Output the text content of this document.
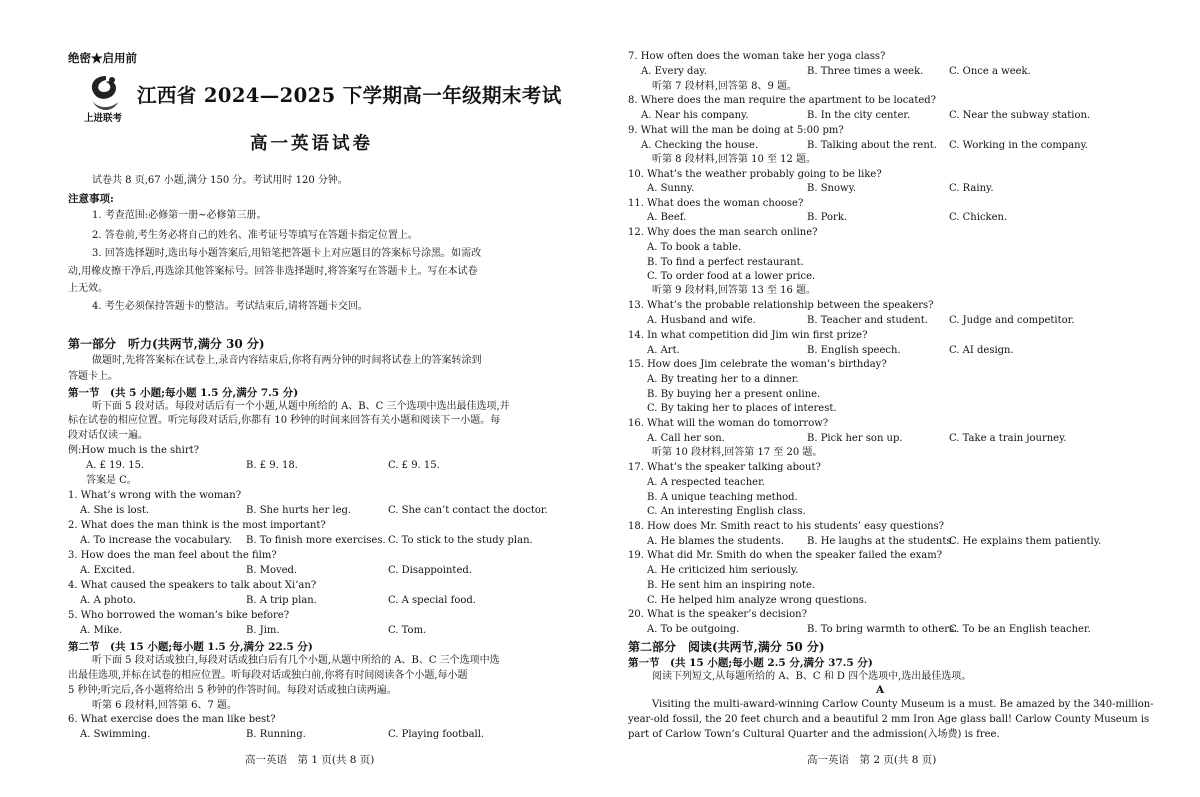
绝密★启用前
上进联考
江西省 2024—2025 下学期高一年级期末考试
高一英语试卷
试卷共 8 页,67 小题,满分 150 分。考试用时 120 分钟。
注意事项:
1. 考查范围:必修第一册~必修第三册。
2. 答卷前,考生务必将自己的姓名、准考证号等填写在答题卡指定位置上。
3. 回答选择题时,选出每小题答案后,用铅笔把答题卡上对应题目的答案标号涂黑。如需改
动,用橡皮擦干净后,再选涂其他答案标号。回答非选择题时,将答案写在答题卡上。写在本试卷
上无效。
4. 考生必须保持答题卡的整洁。考试结束后,请将答题卡交回。
第一部分　听力(共两节,满分 30 分)
做题时,先将答案标在试卷上,录音内容结束后,你将有两分钟的时间将试卷上的答案转涂到
答题卡上。
第一节　(共 5 小题;每小题 1.5 分,满分 7.5 分)
听下面 5 段对话。每段对话后有一个小题,从题中所给的 A、B、C 三个选项中选出最佳选项,并
标在试卷的相应位置。听完每段对话后,你都有 10 秒钟的时间来回答有关小题和阅读下一小题。每
段对话仅读一遍。
例:How much is the shirt?
A. £ 19. 15.	B. £ 9. 18.	C. £ 9. 15.
答案是 C。
1. What’s wrong with the woman?
A. She is lost.	B. She hurts her leg.	C. She can’t contact the doctor.
2. What does the man think is the most important?
A. To increase the vocabulary. B. To finish more exercises. C. To stick to the study plan.
3. How does the man feel about the film?
A. Excited.	B. Moved.	C. Disappointed.
4. What caused the speakers to talk about Xi’an?
A. A photo.	B. A trip plan.	C. A special food.
5. Who borrowed the woman’s bike before?
A. Mike.	B. Jim.	C. Tom.
第二节　(共 15 小题;每小题 1.5 分,满分 22.5 分)
听下面 5 段对话或独白,每段对话或独白后有几个小题,从题中所给的 A、B、C 三个选项中选
出最佳选项,并标在试卷的相应位置。听每段对话或独白前,你将有时间阅读各个小题,每小题
5 秒钟;听完后,各小题将给出 5 秒钟的作答时间。每段对话或独白读两遍。
听第 6 段材料,回答第 6、7 题。
6. What exercise does the man like best?
A. Swimming.	B. Running.	C. Playing football.
高一英语　第 1 页(共 8 页)
7. How often does the woman take her yoga class?
A. Every day.	B. Three times a week.	C. Once a week.
听第 7 段材料,回答第 8、9 题。
8. Where does the man require the apartment to be located?
A. Near his company.	B. In the city center.	C. Near the subway station.
9. What will the man be doing at 5:00 pm?
A. Checking the house.	B. Talking about the rent. C. Working in the company.
听第 8 段材料,回答第 10 至 12 题。
10. What’s the weather probably going to be like?
A. Sunny.	B. Snowy.	C. Rainy.
11. What does the woman choose?
A. Beef.	B. Pork.	C. Chicken.
12. Why does the man search online?
A. To book a table.
B. To find a perfect restaurant.
C. To order food at a lower price.
听第 9 段材料,回答第 13 至 16 题。
13. What’s the probable relationship between the speakers?
A. Husband and wife.	B. Teacher and student. C. Judge and competitor.
14. In what competition did Jim win first prize?
A. Art.	B. English speech.	C. AI design.
15. How does Jim celebrate the woman’s birthday?
A. By treating her to a dinner.
B. By buying her a present online.
C. By taking her to places of interest.
16. What will the woman do tomorrow?
A. Call her son.	B. Pick her son up.	C. Take a train journey.
听第 10 段材料,回答第 17 至 20 题。
17. What’s the speaker talking about?
A. A respected teacher.
B. A unique teaching method.
C. An interesting English class.
18. How does Mr. Smith react to his students’ easy questions?
A. He blames the students. B. He laughs at the students.
C. He explains them patiently.
19. What did Mr. Smith do when the speaker failed the exam?
A. He criticized him seriously.
B. He sent him an inspiring note.
C. He helped him analyze wrong questions.
20. What is the speaker’s decision?
A. To be outgoing.	B. To bring warmth to others.
C. To be an English teacher.
第二部分　阅读(共两节,满分 50 分)
第一节　(共 15 小题;每小题 2.5 分,满分 37.5 分)
阅读下列短文,从每题所给的 A、B、C 和 D 四个选项中,选出最佳选项。
A
Visiting the multi-award-winning Carlow County Museum is a must. Be amazed by the 340-million-
year-old fossil, the 20 feet church and a beautiful 2 mm Iron Age glass ball! Carlow County Museum is
part of Carlow Town’s Cultural Quarter and the admission(入场费) is free.
高一英语　第 2 页(共 8 页)
